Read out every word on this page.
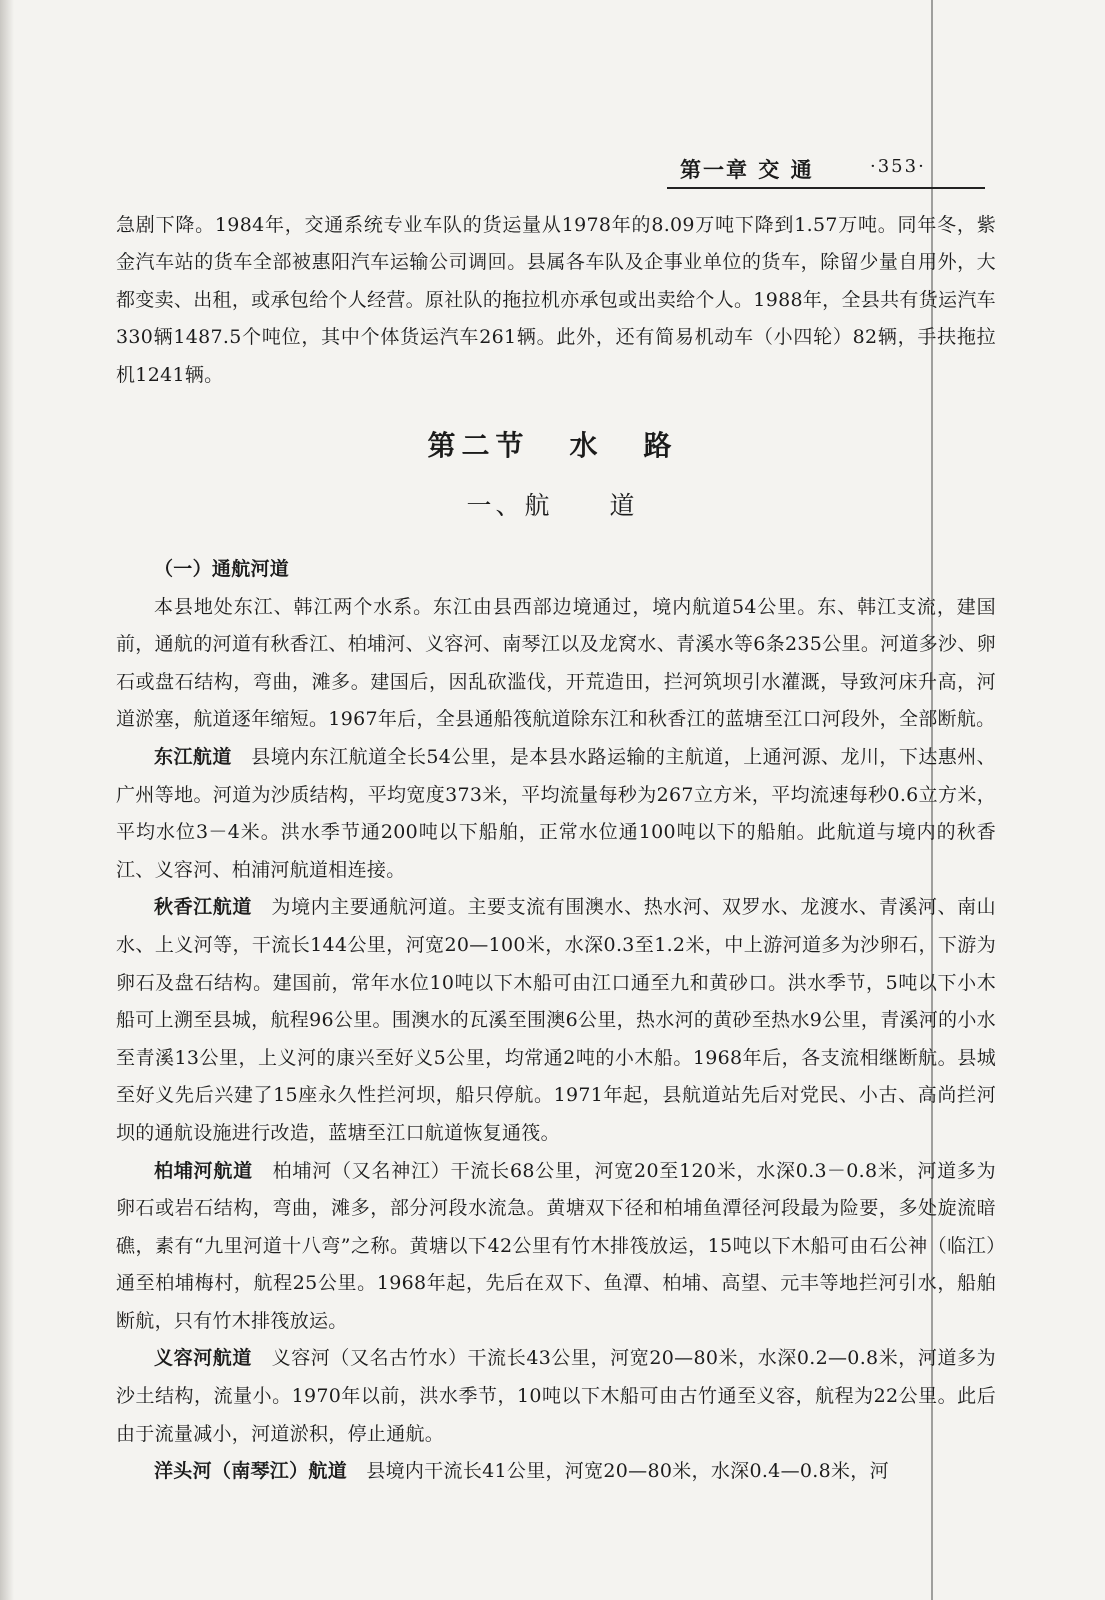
第一章 交 通	·353·

急剧下降。1984年，交通系统专业车队的货运量从1978年的8.09万吨下降到1.57万吨。同年冬，紫金汽车站的货车全部被惠阳汽车运输公司调回。县属各车队及企事业单位的货车，除留少量自用外，大都变卖、出租，或承包给个人经营。原社队的拖拉机亦承包或出卖给个人。1988年，全县共有货运汽车330辆1487.5个吨位，其中个体货运汽车261辆。此外，还有简易机动车（小四轮）82辆，手扶拖拉机1241辆。

第二节 水 路
一、航 道

（一）通航河道

本县地处东江、韩江两个水系。东江由县西部边境通过，境内航道54公里。东、韩江支流，建国前，通航的河道有秋香江、柏埔河、义容河、南琴江以及龙窝水、青溪水等6条235公里。河道多沙、卵石或盘石结构，弯曲，滩多。建国后，因乱砍滥伐，开荒造田，拦河筑坝引水灌溉，导致河床升高，河道淤塞，航道逐年缩短。1967年后，全县通船筏航道除东江和秋香江的蓝塘至江口河段外，全部断航。

东江航道　 县境内东江航道全长54公里，是本县水路运输的主航道，上通河源、龙川，下达惠州、广州等地。河道为沙质结构，平均宽度373米，平均流量每秒为267立方米，平均流速每秒0.6立方米，平均水位3－4米。洪水季节通200吨以下船舶，正常水位通100吨以下的船舶。此航道与境内的秋香江、义容河、柏浦河航道相连接。

秋香江航道　 为境内主要通航河道。主要支流有围澳水、热水河、双罗水、龙渡水、青溪河、南山水、上义河等，干流长144公里，河宽20—100米，水深0.3至1.2米，中上游河道多为沙卵石，下游为卵石及盘石结构。建国前，常年水位10吨以下木船可由江口通至九和黄砂口。洪水季节，5吨以下小木船可上溯至县城，航程96公里。围澳水的瓦溪至围澳6公里，热水河的黄砂至热水9公里，青溪河的小水至青溪13公里，上义河的康兴至好义5公里，均常通2吨的小木船。1968年后，各支流相继断航。县城至好义先后兴建了15座永久性拦河坝，船只停航。1971年起，县航道站先后对党民、小古、高尚拦河坝的通航设施进行改造，蓝塘至江口航道恢复通筏。

柏埔河航道　 柏埔河（又名神江）干流长68公里，河宽20至120米，水深0.3－0.8米，河道多为卵石或岩石结构，弯曲，滩多，部分河段水流急。黄塘双下径和柏埔鱼潭径河段最为险要，多处旋流暗礁，素有“九里河道十八弯”之称。黄塘以下42公里有竹木排筏放运，15吨以下木船可由石公神（临江）通至柏埔梅村，航程25公里。1968年起，先后在双下、鱼潭、柏埔、高望、元丰等地拦河引水，船舶断航，只有竹木排筏放运。

义容河航道　 义容河（又名古竹水）干流长43公里，河宽20—80米，水深0.2—0.8米，河道多为沙土结构，流量小。1970年以前，洪水季节，10吨以下木船可由古竹通至义容，航程为22公里。此后由于流量减小，河道淤积，停止通航。

洋头河（南琴江）航道　 县境内干流长41公里，河宽20—80米，水深0.4—0.8米，河
